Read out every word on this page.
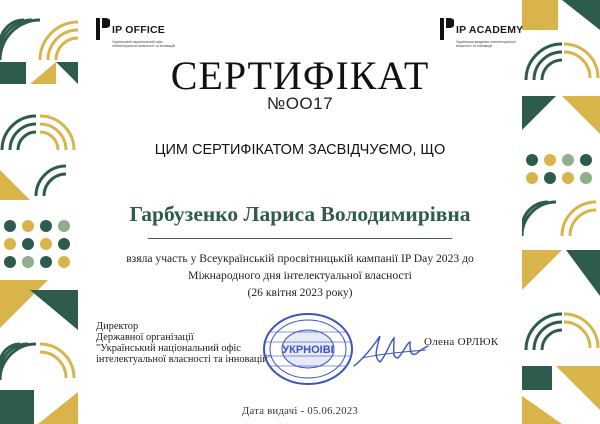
IP OFFICE
Український національний офіс інтелектуальної власності та інновацій
IP ACADEMY
Українська академія інтелектуальної власності та інновацій
СЕРТИФІКАТ
№OO17
ЦИМ СЕРТИФІКАТОМ ЗАСВІДЧУЄМО, ЩО
Гарбузенко Лариса Володимирівна
взяла участь у Всеукраїнській просвітницькій кампанії IP Day 2023 до
Міжнародного дня інтелектуальної власності
(26 квітня 2023 року)
Директор
Державної організації
"Український національний офіс
інтелектуальної власності та інновацій"
УКРНОІВІ
Олена ОРЛЮК
Дата видачі - 05.06.2023
